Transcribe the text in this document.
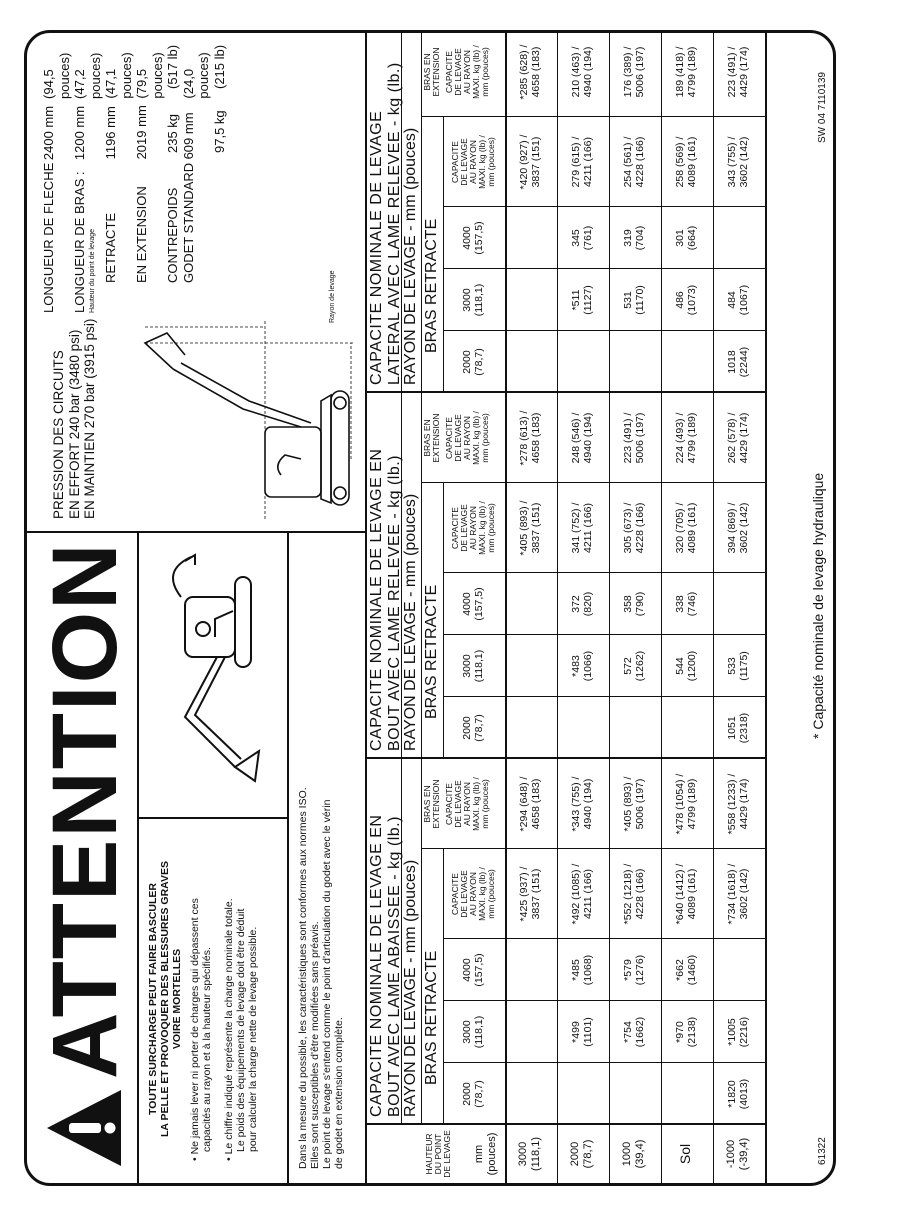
ATTENTION TOUTE SURCHARGE PEUT FAIRE BASCULER LA PELLE ET PROVOQUER DES BLESSURES GRAVES VOIRE MORTELLES • Ne jamais lever ni porter de charges qui dépassent ces capacités au rayon et à la hauteur spécifiés. • Le chiffre indiqué représente la charge nominale totale. Le poids des équipements de levage doit être déduit pour calculer la charge nette de levage possible.	Dans la mesure du possible, les caractéristiques sont conformes aux normes ISO. Elles sont susceptibles d'être modifiées sans préavis. Le point de levage s'entend comme le point d'articulation du godet avec le vérin de godet en extension complète.
PRESSION DES CIRCUITS EN EFFORT 240 bar (3480 psi) EN MAINTIEN 270 bar (3915 psi)
Rayon de levage
Hauteur du point de levage
LONGUEUR DE FLECHE
2400 mm
(94,5 pouces)
LONGUEUR DE BRAS :
1200 mm
(47,2 pouces)
RETRACTE
1196 mm
(47,1 pouces)
EN EXTENSION
2019 mm
(79,5 pouces)
CONTREPOIDS
235 kg
(517 lb)
GODET STANDARD
609 mm
(24,0 pouces)
97,5 kg
(215 lb)
HAUTEUR DU POINT DE LEVAGE mm (pouces) 3000 (118,1) 2000 (78,7) 1000 (39,4) Sol	-1000 (-39,4)
CAPACITE NOMINALE DE LEVAGE EN BOUT AVEC LAME ABAISSEE - kg (lb.) RAYON DE LEVAGE - mm (pouces) BRAS RETRACTE
BRAS EN EXTENSION
2000 (78,7)
3000 (118,1)
4000 (157,5)
CAPACITE DE LEVAGE AU RAYON MAXI. kg (lb) / mm (pouces)
CAPACITE DE LEVAGE AU RAYON MAXI. kg (lb) / mm (pouces)
*425 (937) / 3837 (151)
*294 (648) / 4658 (183)
*499 (1101)
*485 (1068)
*492 (1085) / 4211 (166)
*343 (755) / 4940 (194)
*754 (1662)
*579 (1276)
*552 (1218) / 4228 (166)
*405 (893) / 5006 (197)
*970 (2138)
*662 (1460)
*640 (1412) / 4089 (161)
*478 (1054) / 4799 (189)
*1820 (4013)
*1005 (2216)
*734 (1618) / 3602 (142)
*558 (1233) / 4429 (174)
CAPACITE NOMINALE DE LEVAGE EN BOUT AVEC LAME RELEVEE - kg (lb.) RAYON DE LEVAGE - mm (pouces) BRAS RETRACTE
BRAS EN EXTENSION
2000 (78,7)
3000 (118,1)
4000 (157,5)
CAPACITE DE LEVAGE AU RAYON MAXI. kg (lb) / mm (pouces)
CAPACITE DE LEVAGE AU RAYON MAXI. kg (lb) / mm (pouces)
*405 (893) / 3837 (151)
*278 (613) / 4658 (183)
*483 (1066)
372 (820)
341 (752) / 4211 (166)
248 (546) / 4940 (194)
572 (1262)
358 (790)
305 (673) / 4228 (166)
223 (491) / 5006 (197)
544 (1200)
338 (746)
320 (705) / 4089 (161)
224 (493) / 4799 (189)
1051 (2318)
533 (1175)
394 (869) / 3602 (142)
262 (578) / 4429 (174)
CAPACITE NOMINALE DE LEVAGE LATERAL AVEC LAME RELEVEE - kg (lb.) RAYON DE LEVAGE - mm (pouces) BRAS RETRACTE
BRAS EN EXTENSION
2000 (78,7)
3000 (118,1)
4000 (157,5)
CAPACITE DE LEVAGE AU RAYON MAXI. kg (lb) / mm (pouces)
CAPACITE DE LEVAGE AU RAYON MAXI. kg (lb) / mm (pouces)
*420 (927) / 3837 (151)
*285 (628) / 4658 (183)
*511 (1127)
345 (761)
279 (615) / 4211 (166)
210 (463) / 4940 (194)
531 (1170)
319 (704)
254 (561) / 4228 (166)
176 (389) / 5006 (197)
486 (1073)
301 (664)
258 (569) / 4089 (161)
189 (418) / 4799 (189)
1018 (2244)
484 (1067)
343 (755) / 3602 (142)
223 (491) / 4429 (174)
61322
* Capacité nominale de levage hydraulique
SW 04 7110139
